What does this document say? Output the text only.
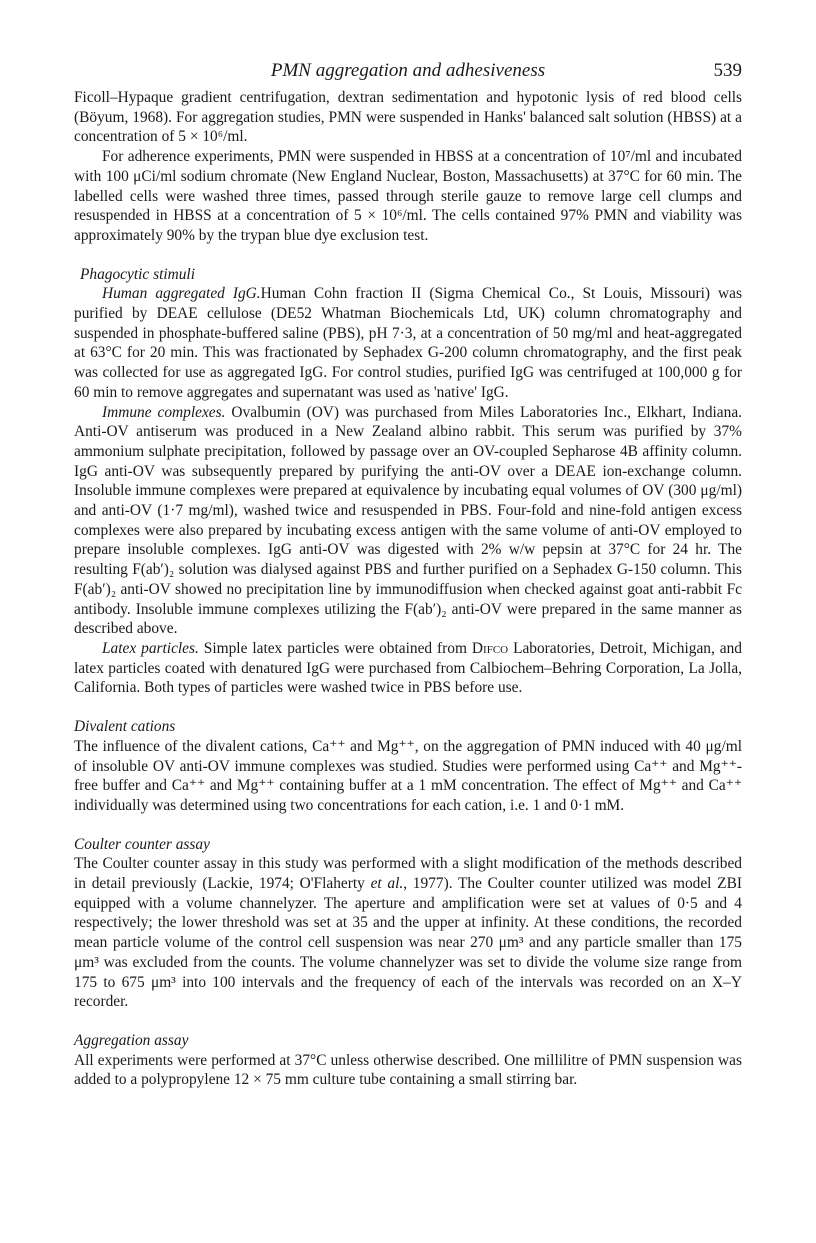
PMN aggregation and adhesiveness	539

Ficoll–Hypaque gradient centrifugation, dextran sedimentation and hypotonic lysis of red blood cells (Böyum, 1968). For aggregation studies, PMN were suspended in Hanks' balanced salt solution (HBSS) at a concentration of 5 × 10⁶/ml.

For adherence experiments, PMN were suspended in HBSS at a concentration of 10⁷/ml and incubated with 100 μCi/ml sodium chromate (New England Nuclear, Boston, Massachusetts) at 37°C for 60 min. The labelled cells were washed three times, passed through sterile gauze to remove large cell clumps and resuspended in HBSS at a concentration of 5 × 10⁶/ml. The cells contained 97% PMN and viability was approximately 90% by the trypan blue dye exclusion test.

Phagocytic stimuli

Human aggregated IgG.Human Cohn fraction II (Sigma Chemical Co., St Louis, Missouri) was purified by DEAE cellulose (DE52 Whatman Biochemicals Ltd, UK) column chromatography and suspended in phosphate-buffered saline (PBS), pH 7·3, at a concentration of 50 mg/ml and heat-aggregated at 63°C for 20 min. This was fractionated by Sephadex G-200 column chromatography, and the first peak was collected for use as aggregated IgG. For control studies, purified IgG was centrifuged at 100,000 g for 60 min to remove aggregates and supernatant was used as 'native' IgG.

Immune complexes. Ovalbumin (OV) was purchased from Miles Laboratories Inc., Elkhart, Indiana. Anti-OV antiserum was produced in a New Zealand albino rabbit. This serum was purified by 37% ammonium sulphate precipitation, followed by passage over an OV-coupled Sepharose 4B affinity column. IgG anti-OV was subsequently prepared by purifying the anti-OV over a DEAE ion-exchange column. Insoluble immune complexes were prepared at equivalence by incubating equal volumes of OV (300 μg/ml) and anti-OV (1·7 mg/ml), washed twice and resuspended in PBS. Four-fold and nine-fold antigen excess complexes were also prepared by incubating excess antigen with the same volume of anti-OV employed to prepare insoluble complexes. IgG anti-OV was digested with 2% w/w pepsin at 37°C for 24 hr. The resulting F(ab′)₂ solution was dialysed against PBS and further purified on a Sephadex G-150 column. This F(ab′)₂ anti-OV showed no precipitation line by immunodiffusion when checked against goat anti-rabbit Fc antibody. Insoluble immune complexes utilizing the F(ab′)₂ anti-OV were prepared in the same manner as described above.

Latex particles. Simple latex particles were obtained from Difco Laboratories, Detroit, Michigan, and latex particles coated with denatured IgG were purchased from Calbiochem–Behring Corporation, La Jolla, California. Both types of particles were washed twice in PBS before use.

Divalent cations

The influence of the divalent cations, Ca⁺⁺ and Mg⁺⁺, on the aggregation of PMN induced with 40 μg/ml of insoluble OV anti-OV immune complexes was studied. Studies were performed using Ca⁺⁺ and Mg⁺⁺-free buffer and Ca⁺⁺ and Mg⁺⁺ containing buffer at a 1 mM concentration. The effect of Mg⁺⁺ and Ca⁺⁺ individually was determined using two concentrations for each cation, i.e. 1 and 0·1 mM.

Coulter counter assay

The Coulter counter assay in this study was performed with a slight modification of the methods described in detail previously (Lackie, 1974; O'Flaherty et al., 1977). The Coulter counter utilized was model ZBI equipped with a volume channelyzer. The aperture and amplification were set at values of 0·5 and 4 respectively; the lower threshold was set at 35 and the upper at infinity. At these conditions, the recorded mean particle volume of the control cell suspension was near 270 μm³ and any particle smaller than 175 μm³ was excluded from the counts. The volume channelyzer was set to divide the volume size range from 175 to 675 μm³ into 100 intervals and the frequency of each of the intervals was recorded on an X–Y recorder.

Aggregation assay

All experiments were performed at 37°C unless otherwise described. One millilitre of PMN suspension was added to a polypropylene 12 × 75 mm culture tube containing a small stirring bar.
